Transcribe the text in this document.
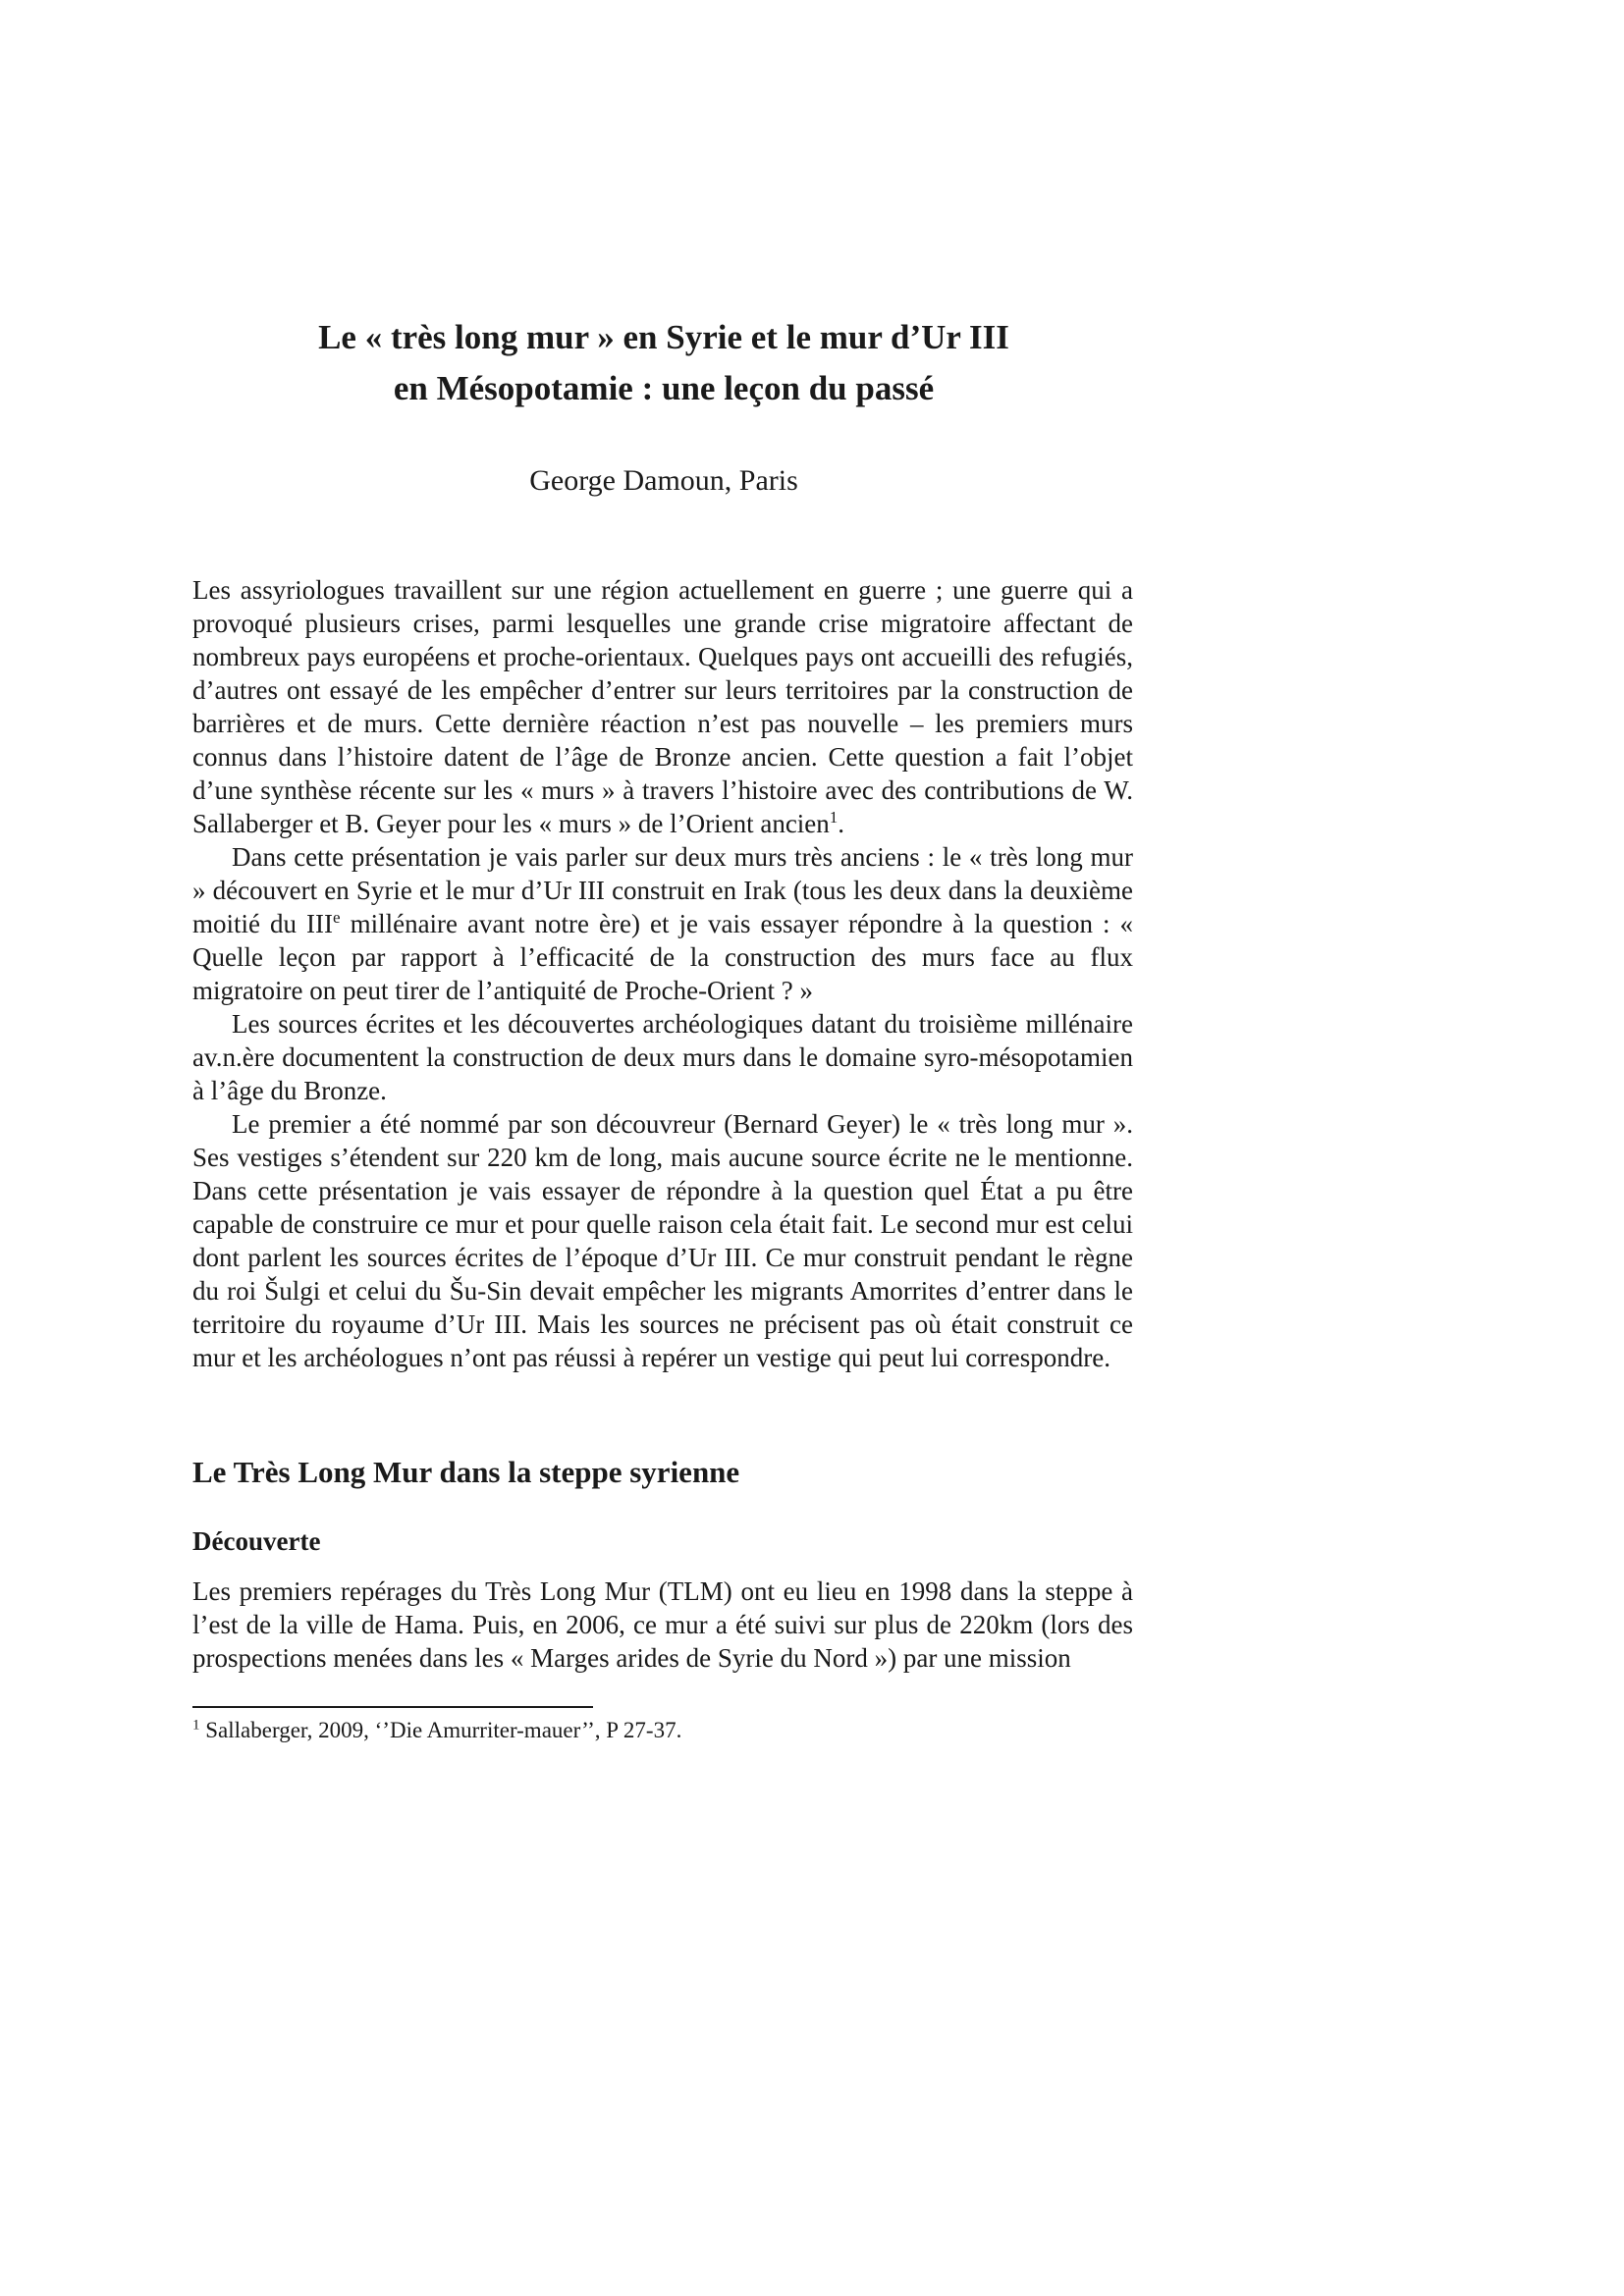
Le « très long mur » en Syrie et le mur d’Ur III

en Mésopotamie : une leçon du passé

George Damoun, Paris

Les assyriologues travaillent sur une région actuellement en guerre ; une guerre qui a provoqué plusieurs crises, parmi lesquelles une grande crise migratoire affectant de nombreux pays européens et proche-orientaux. Quelques pays ont accueilli des refugiés, d’autres ont essayé de les empêcher d’entrer sur leurs territoires par la construction de barrières et de murs. Cette dernière réaction n’est pas nouvelle – les premiers murs connus dans l’histoire datent de l’âge de Bronze ancien. Cette question a fait l’objet d’une synthèse récente sur les « murs » à travers l’histoire avec des contributions de W. Sallaberger et B. Geyer pour les « murs » de l’Orient ancien$^1$.

Dans cette présentation je vais parler sur deux murs très anciens : le « très long mur » découvert en Syrie et le mur d’Ur III construit en Irak (tous les deux dans la deuxième moitié du IIIe millénaire avant notre ère) et je vais essayer répondre à la question : « Quelle leçon par rapport à l’efficacité de la construction des murs face au flux migratoire on peut tirer de l’antiquité de Proche-Orient ? »

Les sources écrites et les découvertes archéologiques datant du troisième millénaire av.n.ère documentent la construction de deux murs dans le domaine syro-mésopotamien à l’âge du Bronze.

Le premier a été nommé par son découvreur (Bernard Geyer) le « très long mur ». Ses vestiges s’étendent sur 220 km de long, mais aucune source écrite ne le mentionne. Dans cette présentation je vais essayer de répondre à la question quel État a pu être capable de construire ce mur et pour quelle raison cela était fait. Le second mur est celui dont parlent les sources écrites de l’époque d’Ur III. Ce mur construit pendant le règne du roi Šulgi et celui du Šu-Sin devait empêcher les migrants Amorrites d’entrer dans le territoire du royaume d’Ur III. Mais les sources ne précisent pas où était construit ce mur et les archéologues n’ont pas réussi à repérer un vestige qui peut lui correspondre.

Le Très Long Mur dans la steppe syrienne
Découverte

Les premiers repérages du Très Long Mur (TLM) ont eu lieu en 1998 dans la steppe à l’est de la ville de Hama. Puis, en 2006, ce mur a été suivi sur plus de 220km (lors des prospections menées dans les « Marges arides de Syrie du Nord ») par une mission

$^1$ Sallaberger, 2009, ‘’Die Amurriter-mauer’’, P 27-37.
